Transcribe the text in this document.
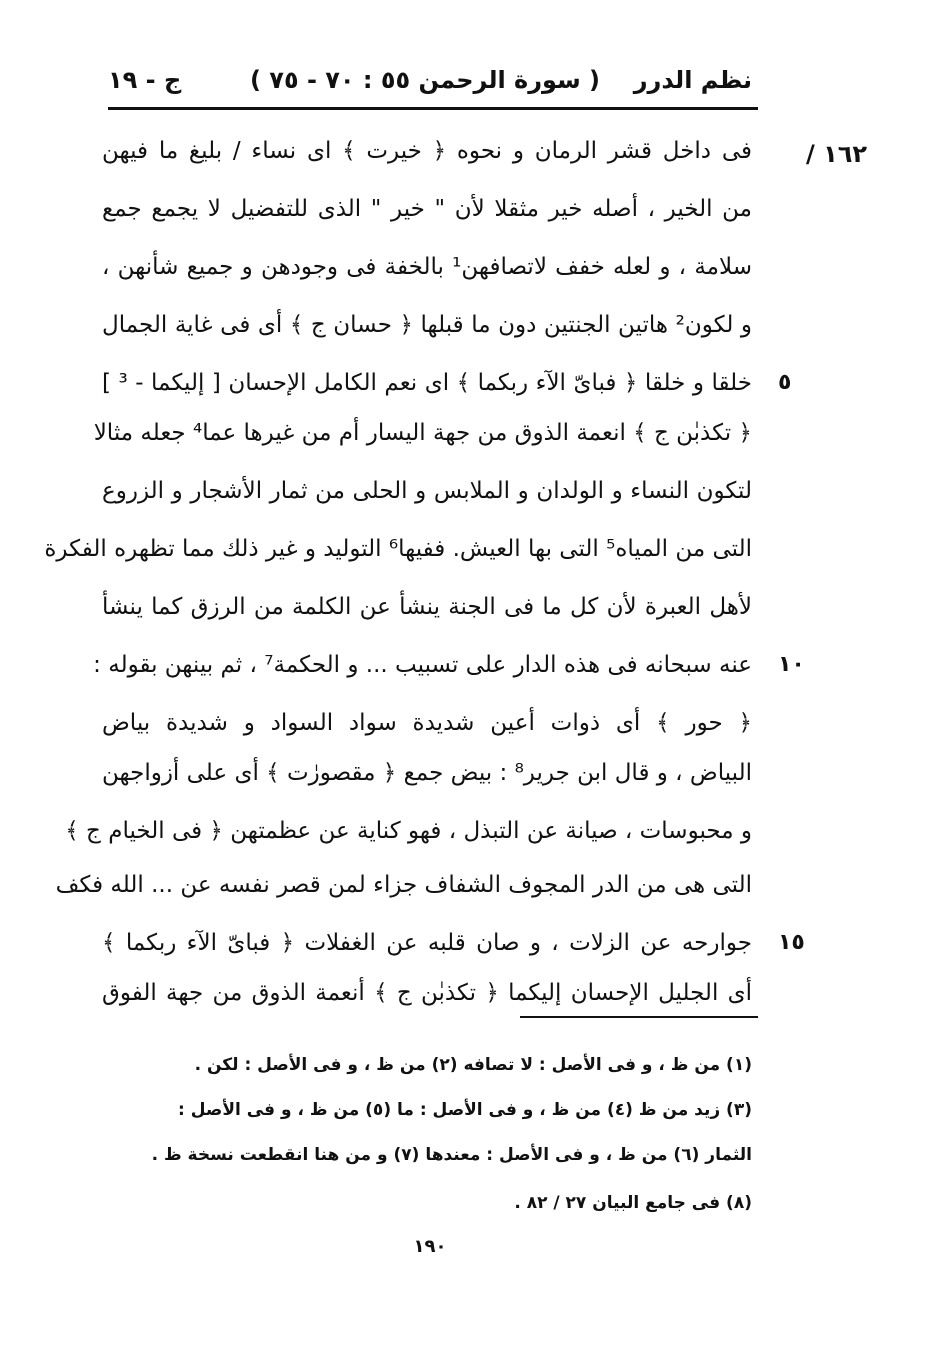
نظم الدرر
( سورة الرحمن ٥٥ : ٧٠ - ٧٥ )
ج - ١٩
١٦٢ /
فى داخل قشر الرمان و نحوه ﴿ خيرت ﴾ اى نساء / بليغ ما فيهن
من الخير ، أصله خير مثقلا لأن " خير " الذى للتفضيل لا يجمع جمع
سلامة ، و لعله خفف لاتصافهن¹ بالخفة فى وجودهن و جميع شأنهن ،
و لكون² هاتين الجنتين دون ما قبلها ﴿ حسان ج ﴾ أى فى غاية الجمال
خلقا و خلقا ﴿ فباىّ الآء ربكما ﴾ اى نعم الكامل الإحسان [ إليكما - ³ ]
﴿ تكذبٰن ج ﴾ انعمة الذوق من جهة اليسار أم من غيرها عما⁴ جعله مثالا
لتكون النساء و الولدان و الملابس و الحلى من ثمار الأشجار و الزروع
التى من المياه⁵ التى بها العيش. ففيها⁶ التوليد و غير ذلك مما تظهره الفكرة
لأهل العبرة لأن كل ما فى الجنة ينشأ عن الكلمة من الرزق كما ينشأ
عنه سبحانه فى هذه الدار على تسبيب ... و الحكمة⁷ ، ثم بينهن بقوله :
﴿ حور ﴾ أى ذوات أعين شديدة سواد السواد و شديدة بياض
البياض ، و قال ابن جرير⁸ : بيض جمع ﴿ مقصورٰت ﴾ أى على أزواجهن
و محبوسات ، صيانة عن التبذل ، فهو كناية عن عظمتهن ﴿ فى الخيام ج ﴾
التى هى من الدر المجوف الشفاف جزاء لمن قصر نفسه عن ... الله فكف
جوارحه عن الزلات ، و صان قلبه عن الغفلات ﴿ فباىّ الآء ربكما ﴾
أى الجليل الإحسان إليكما ﴿ تكذبٰن ج ﴾ أنعمة الذوق من جهة الفوق
٥
١٠
١٥
(١) من ظ ، و فى الأصل : لا تصافه (٢) من ظ ، و فى الأصل : لكن .
(٣) زيد من ظ (٤) من ظ ، و فى الأصل : ما (٥) من ظ ، و فى الأصل :
الثمار (٦) من ظ ، و فى الأصل : معندها (٧) و من هنا انقطعت نسخة ظ .
(٨) فى جامع البيان ٢٧ / ٨٢ .
١٩٠
